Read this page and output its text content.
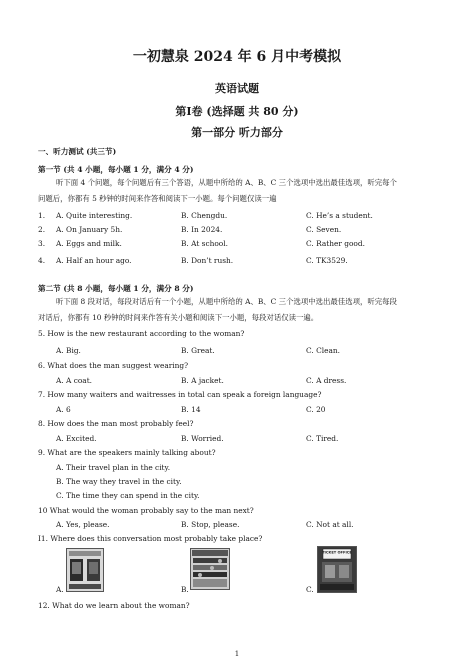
一初慧泉 2024 年 6 月中考模拟
英语试题
第Ⅰ卷 (选择题 共 80 分)
第一部分 听力部分
一、听力测试 (共三节)
第一节 (共 4 小题，每小题 1 分，满分 4 分)
听下面 4 个问题，每个问题后有三个答语，从题中所给的 A、B、C 三个选项中选出最佳选项，听完每个
问题后，你都有 5 秒钟的时间来作答和阅读下一小题。每个问题仅读一遍
1. A. Quite interesting.	B. Chengdu.	C. He’s a student.
2. A. On January 5h.	B. In 2024.	C. Seven.
3. A. Eggs and milk.	B. At school.	C. Rather good.
4. A. Half an hour ago.	B. Don’t rush.	C. TK3529.
第二节 (共 8 小题，每小题 1 分，满分 8 分)
听下面 8 段对话，每段对话后有一个小题，从题中所给的 A、B、C 三个选项中选出最佳选项，听完每段
对话后，你都有 10 秒钟的时间来作答有关小题和阅读下一小题，每段对话仅读一遍。
5. How is the new restaurant according to the woman?
A. Big.	B. Great.	C. Clean.
6. What does the man suggest wearing?
A. A coat.	B. A jacket.	C. A dress.
7. How many waiters and waitresses in total can speak a foreign language?
A. 6	B. 14	C. 20
8. How does the man most probably feel?
A. Excited.	B. Worried.	C. Tired.
9. What are the speakers mainly talking about?
A. Their travel plan in the city.
B. The way they travel in the city.
C. The time they can spend in the city.
10 What would the woman probably say to the man next?
A. Yes, please.	B. Stop, please.	C. Not at all.
I1. Where does this conversation most probably take place?
A.	B.	C.
TICKET OFFICE
12. What do we learn about the woman?
1
